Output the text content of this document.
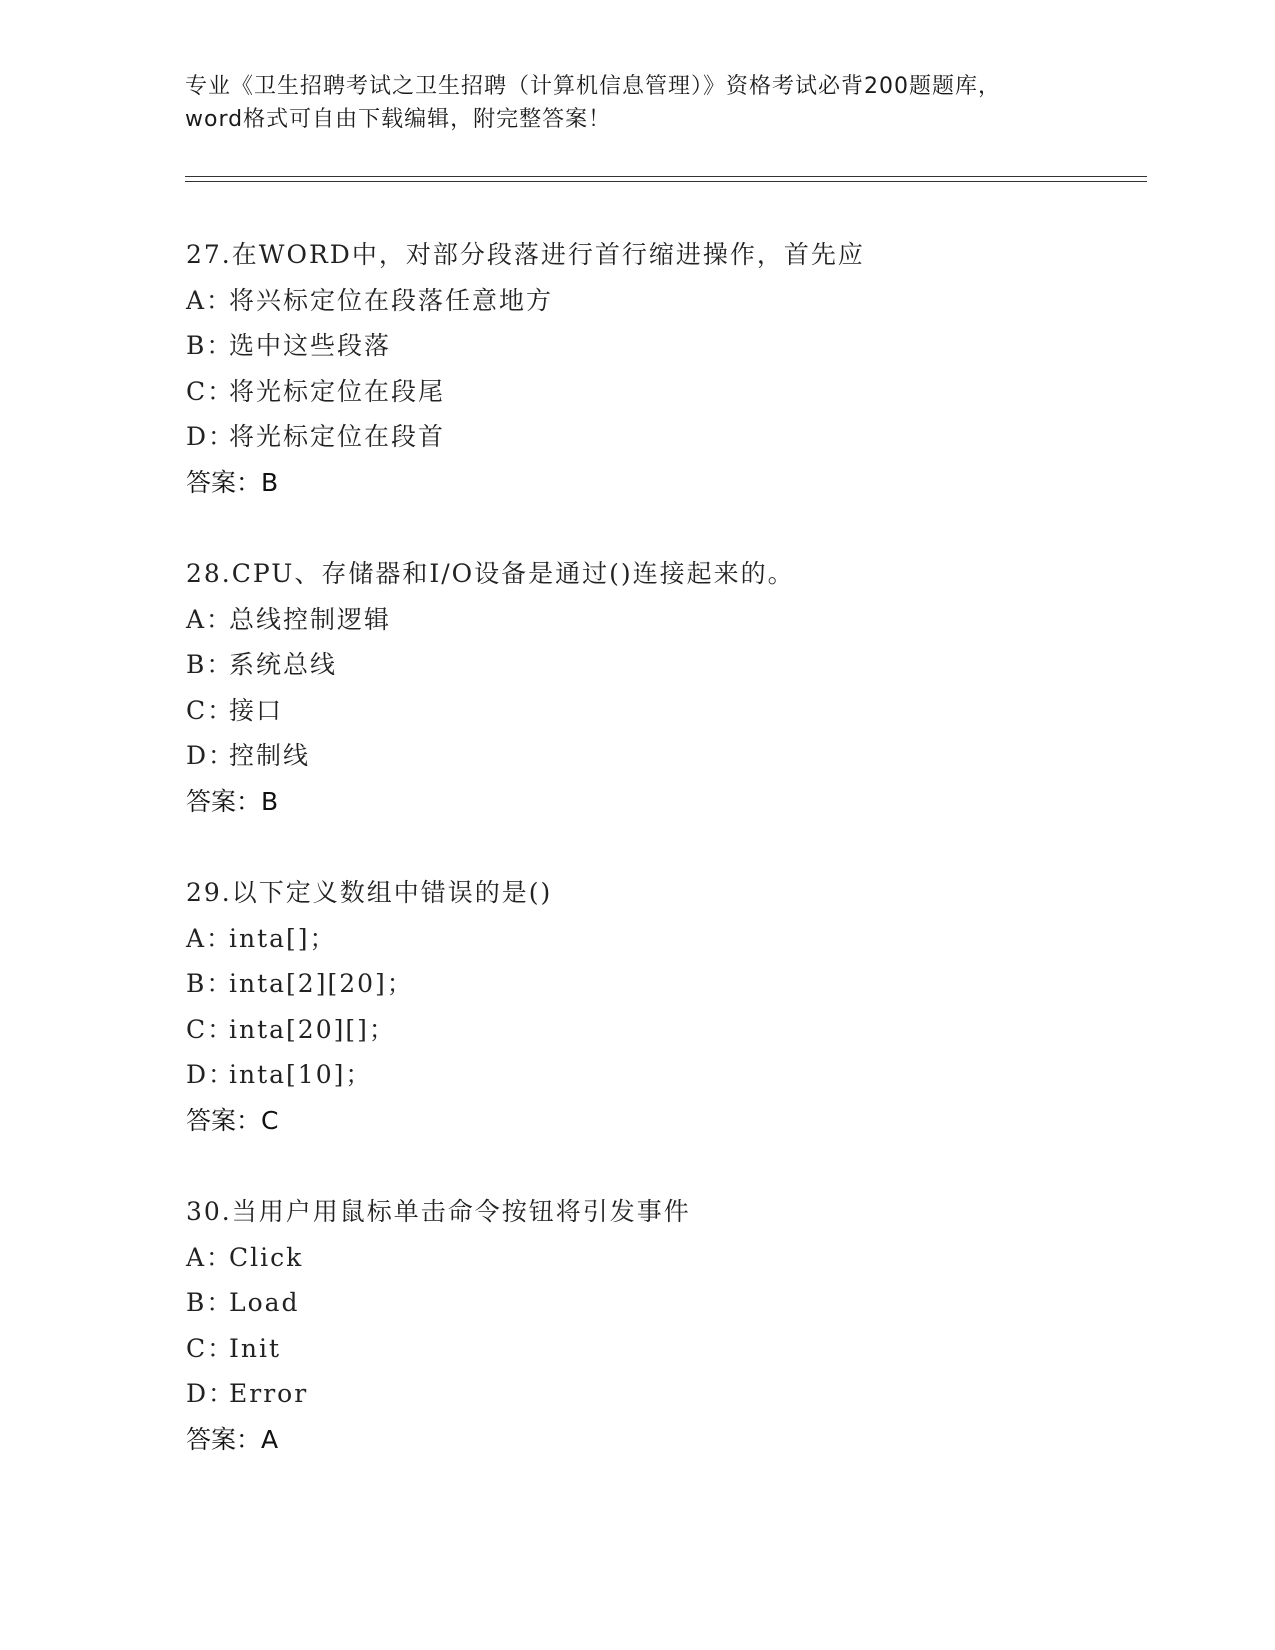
专业《卫生招聘考试之卫生招聘（计算机信息管理）》资格考试必背200题题库，
word格式可自由下载编辑，附完整答案！
27.在WORD中，对部分段落进行首行缩进操作，首先应
A：将兴标定位在段落任意地方
B：选中这些段落
C：将光标定位在段尾
D：将光标定位在段首
答案：B
28.CPU、存储器和I/O设备是通过()连接起来的。
A：总线控制逻辑
B：系统总线
C：接口
D：控制线
答案：B
29.以下定义数组中错误的是()
A：inta[]；
B：inta[2][20]；
C：inta[20][]；
D：inta[10]；
答案：C
30.当用户用鼠标单击命令按钮将引发事件
A：Click
B：Load
C：Init
D：Error
答案：A
